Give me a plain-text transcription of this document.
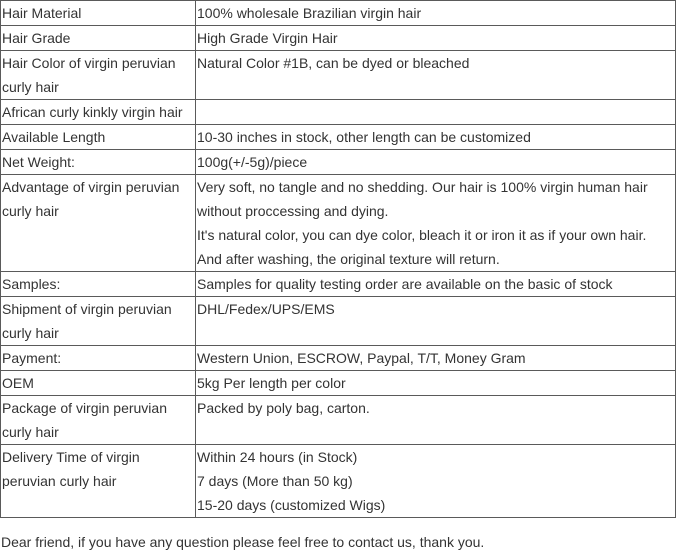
Hair Material	100% wholesale Brazilian virgin hair

Hair Grade	High Grade Virgin Hair

Hair Color of virgin peruvian
curly hair	Natural Color #1B, can be dyed or bleached

African curly kinkly virgin hair	

Available Length	10-30 inches in stock, other length can be customized

Net Weight:	100g(+/-5g)/piece

Advantage of virgin peruvian
curly hair	Very soft, no tangle and no shedding. Our hair is 100% virgin human hair
without proccessing and dying.
It's natural color, you can dye color, bleach it or iron it as if your own hair.
And after washing, the original texture will return.

Samples:	Samples for quality testing order are available on the basic of stock

Shipment of virgin peruvian
curly hair	DHL/Fedex/UPS/EMS

Payment:	Western Union, ESCROW, Paypal, T/T, Money Gram

OEM	5kg Per length per color

Package of virgin peruvian
curly hair	Packed by poly bag, carton.

Delivery Time of virgin
peruvian curly hair	Within 24 hours (in Stock)
7 days (More than 50 kg)
15-20 days (customized Wigs)
Dear friend, if you have any question please feel free to contact us, thank you.
